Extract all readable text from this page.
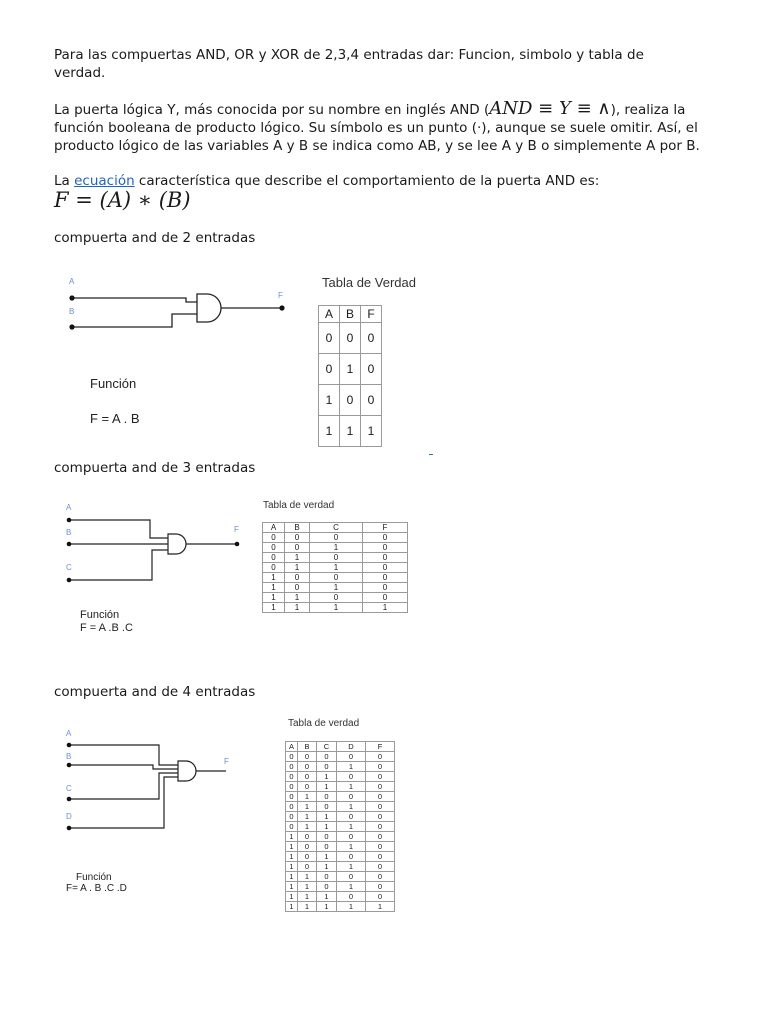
Para las compuertas AND, OR y XOR de 2,3,4 entradas dar: Funcion, simbolo y tabla de
verdad.
La puerta lógica Y, más conocida por su nombre en inglés AND (AND ≡ Y ≡ ∧), realiza la función booleana de producto lógico. Su símbolo es un punto (·), aunque se suele omitir. Así, el producto lógico de las variables A y B se indica como AB, y se lee A y B o simplemente A por B.
La ecuación característica que describe el comportamiento de la puerta AND es:
F = (A) ∗ (B)
compuerta and de 2 entradas
A
B
F
Tabla de Verdad
A	B	F
0	0	0
0	1	0
1	0	0
1	1	1
Función
F = A . B
compuerta and de 3 entradas
A
B
C
F
Tabla de verdad
A	B	C	F
0	0	0	0
0	0	1	0
0	1	0	0
0	1	1	0
1	0	0	0
1	0	1	0
1	1	0	0
1	1	1	1
Función
F = A .B .C
compuerta and de 4 entradas
A
B
C
D
F
Tabla de verdad
A	B	C	D	F
0	0	0	0	0
0	0	0	1	0
0	0	1	0	0
0	0	1	1	0
0	1	0	0	0
0	1	0	1	0
0	1	1	0	0
0	1	1	1	0
1	0	0	0	0
1	0	0	1	0
1	0	1	0	0
1	0	1	1	0
1	1	0	0	0
1	1	0	1	0
1	1	1	0	0
1	1	1	1	1
Función
F= A . B .C .D
